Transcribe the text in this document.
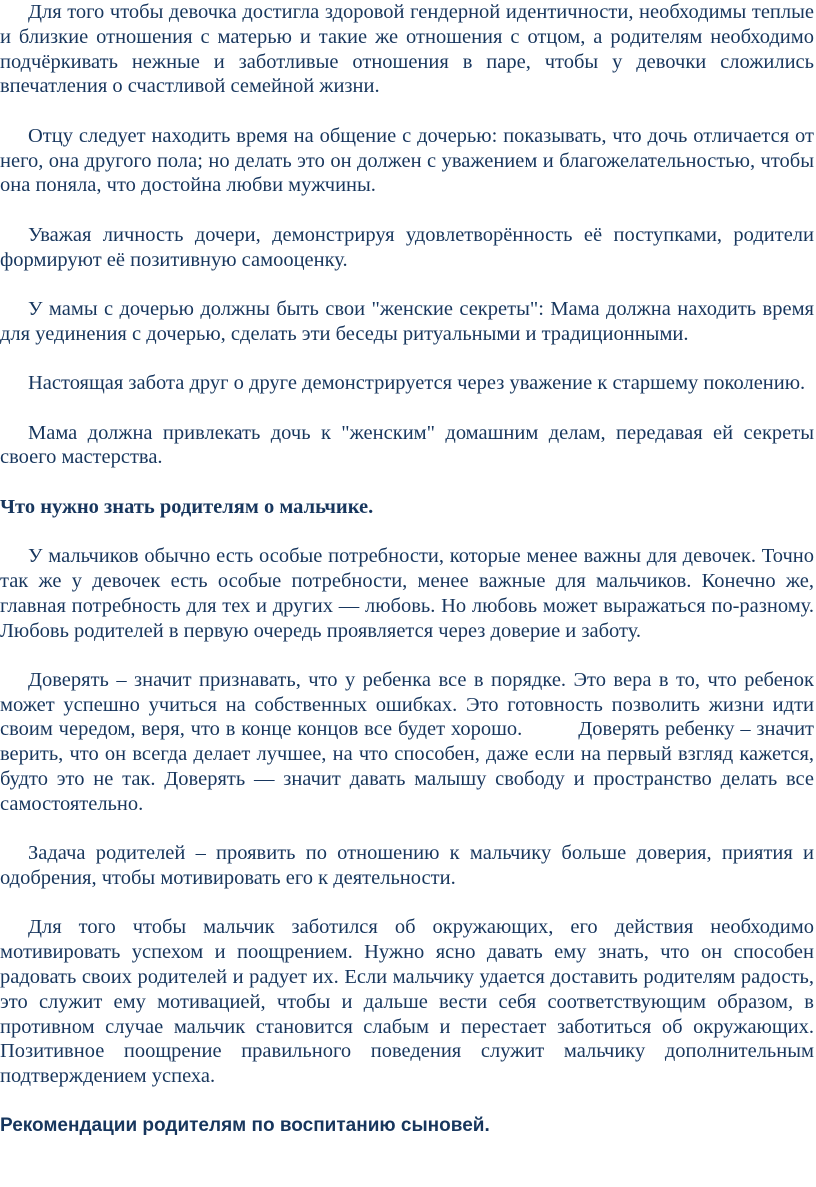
Для того чтобы девочка достигла здоровой гендерной идентичности, необходимы теплые и близкие отношения с матерью и такие же отношения с отцом, а родителям необходимо подчёркивать нежные и заботливые отношения в паре, чтобы у девочки сложились впечатления о счастливой семейной жизни.

Отцу следует находить время на общение с дочерью: показывать, что дочь отличается от него, она другого пола; но делать это он должен с уважением и благожелательностью, чтобы она поняла, что достойна любви мужчины.

Уважая личность дочери, демонстрируя удовлетворённость её поступками, родители формируют её позитивную самооценку.

У мамы с дочерью должны быть свои "женские секреты": Мама должна находить время для уединения с дочерью, сделать эти беседы ритуальными и традиционными.

Настоящая забота друг о друге демонстрируется через уважение к старшему поколению.

Мама должна привлекать дочь к "женским" домашним делам, передавая ей секреты своего мастерства.

Что нужно знать родителям о мальчике.

У мальчиков обычно есть особые потребности, которые менее важны для девочек. Точно так же у девочек есть особые потребности, менее важные для мальчиков. Конечно же, главная потребность для тех и других — любовь. Но любовь может выражаться по-разному. Любовь родителей в первую очередь проявляется через доверие и заботу.

Доверять – значит признавать, что у ребенка все в порядке. Это вера в то, что ребенок может успешно учиться на собственных ошибках. Это готовность позволить жизни идти своим чередом, веря, что в конце концов все будет хорошо.	Доверять ребенку – значит верить, что он всегда делает лучшее, на что способен, даже если на первый взгляд кажется, будто это не так. Доверять — значит давать малышу свободу и пространство делать все самостоятельно.

Задача родителей – проявить по отношению к мальчику больше доверия, приятия и одобрения, чтобы мотивировать его к деятельности.

Для того чтобы мальчик заботился об окружающих, его действия необходимо мотивировать успехом и поощрением. Нужно ясно давать ему знать, что он способен радовать своих родителей и радует их. Если мальчику удается доставить родителям радость, это служит ему мотивацией, чтобы и дальше вести себя соответствующим образом, в противном случае мальчик становится слабым и перестает заботиться об окружающих. Позитивное поощрение правильного поведения служит мальчику дополнительным подтверждением успеха.

Рекомендации родителям по воспитанию сыновей.
